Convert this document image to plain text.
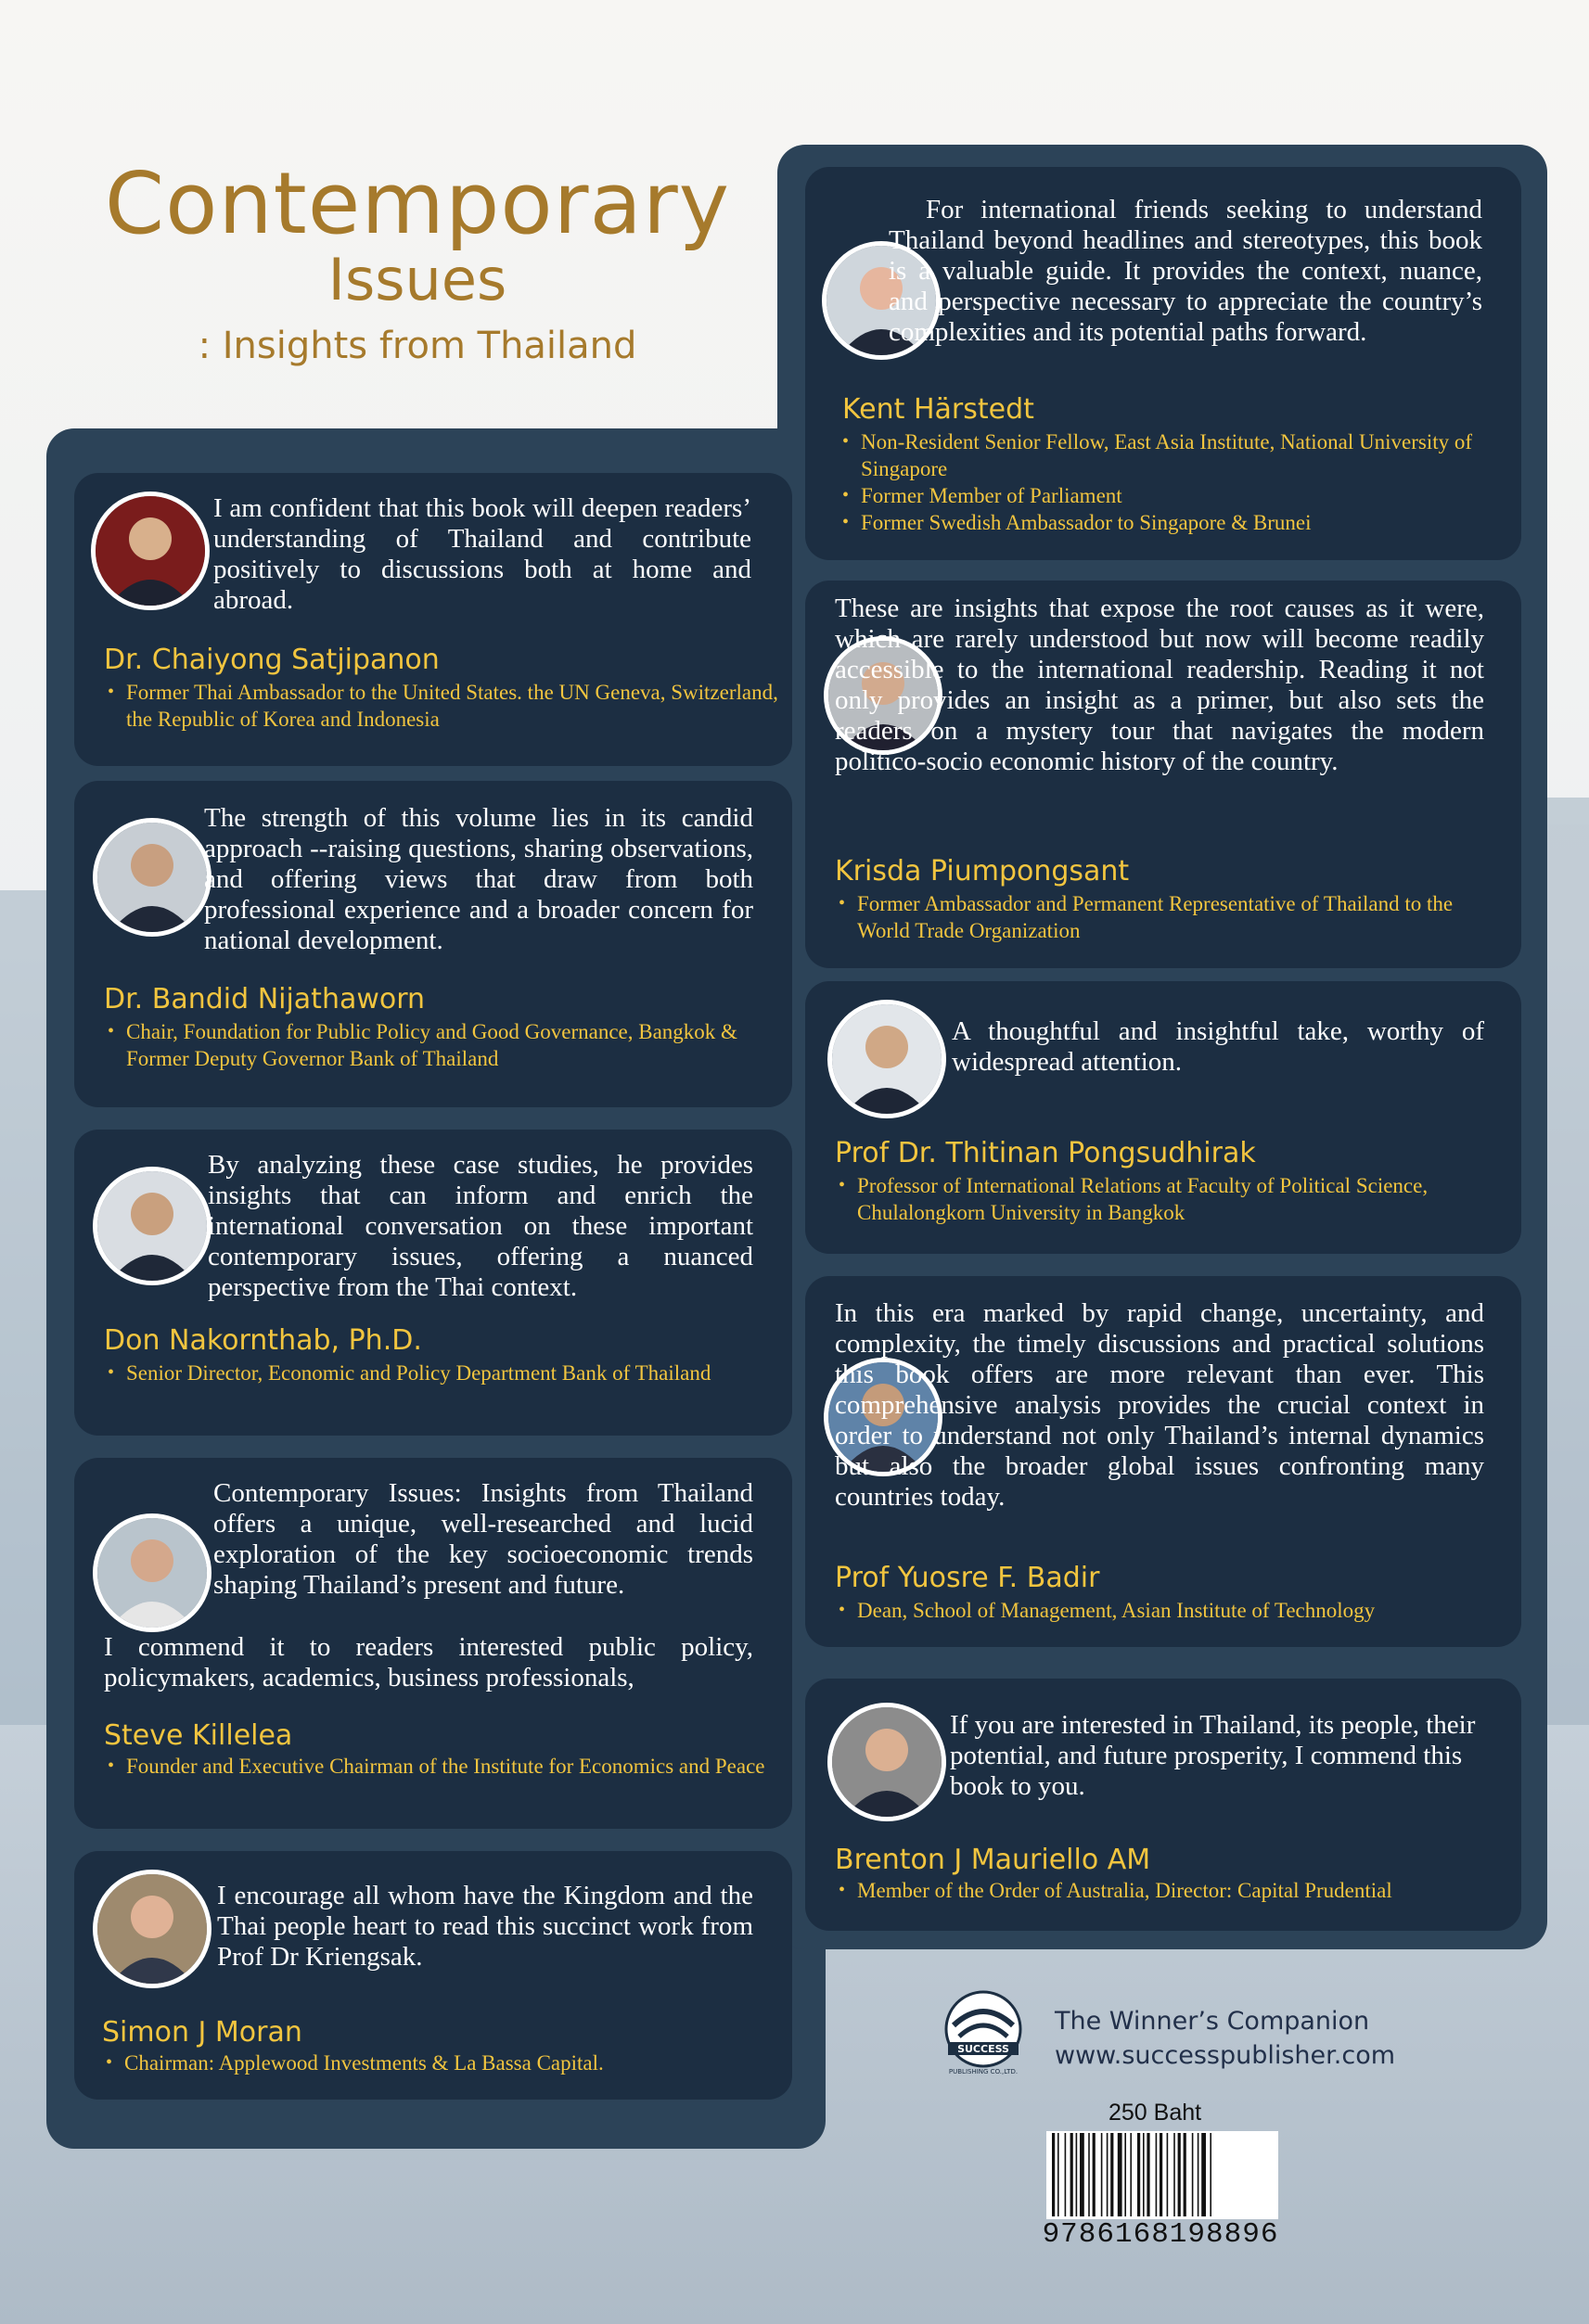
Contemporary
Issues
: Insights from Thailand
I am confident that this book will deepen readers’ understanding of Thailand and contribute positively to discussions both at home and abroad.
Dr. Chaiyong Satjipanon
• Former Thai Ambassador to the United States. the UN Geneva, Switzerland, the Republic of Korea and Indonesia
The strength of this volume lies in its candid approach --raising questions, sharing observations, and offering views that draw from both professional experience and a broader concern for national development.
Dr. Bandid Nijathaworn
• Chair, Foundation for Public Policy and Good Governance, Bangkok & Former Deputy Governor Bank of Thailand
By analyzing these case studies, he provides insights that can inform and enrich the international conversation on these important contemporary issues, offering a nuanced perspective from the Thai context.
Don Nakornthab, Ph.D.
• Senior Director, Economic and Policy Department Bank of Thailand
Contemporary Issues: Insights from Thailand offers a unique, well-researched and lucid exploration of the key socioeconomic trends shaping Thailand’s present and future.
I commend it to readers interested public policy, policymakers, academics, business professionals,
Steve Killelea
• Founder and Executive Chairman of the Institute for Economics and Peace
I encourage all whom have the Kingdom and the Thai people heart to read this succinct work from Prof Dr Kriengsak.
Simon J Moran
• Chairman: Applewood Investments & La Bassa Capital.
For international friends seeking to understand Thailand beyond headlines and stereotypes, this book is a valuable guide. It provides the context, nuance, and perspective necessary to appreciate the country’s complexities and its potential paths forward.
Kent Härstedt
• Non-Resident Senior Fellow, East Asia Institute, National University of Singapore
• Former Member of Parliament
• Former Swedish Ambassador to Singapore & Brunei
These are insights that expose the root causes as it were, which are rarely understood but now will become readily accessible to the international readership. Reading it not only provides an insight as a primer, but also sets the readers on a mystery tour that navigates the modern politico-socio economic history of the country.
Krisda Piumpongsant
• Former Ambassador and Permanent Representative of Thailand to the World Trade Organization
A thoughtful and insightful take, worthy of widespread attention.
Prof Dr. Thitinan Pongsudhirak
• Professor of International Relations at Faculty of Political Science, Chulalongkorn University in Bangkok
In this era marked by rapid change, uncertainty, and complexity, the timely discussions and practical solutions this book offers are more relevant than ever. This comprehensive analysis provides the crucial context in order to understand not only Thailand’s internal dynamics but also the broader global issues confronting many countries today.
Prof Yuosre F. Badir
• Dean, School of Management, Asian Institute of Technology
If you are interested in Thailand, its people, their potential, and future prosperity, I commend this book to you.
Brenton J Mauriello AM
• Member of the Order of Australia, Director: Capital Prudential
SUCCESS
PUBLISHING CO.,LTD.
The Winner’s Companion
www.successpublisher.com
250 Baht
9786168198896
